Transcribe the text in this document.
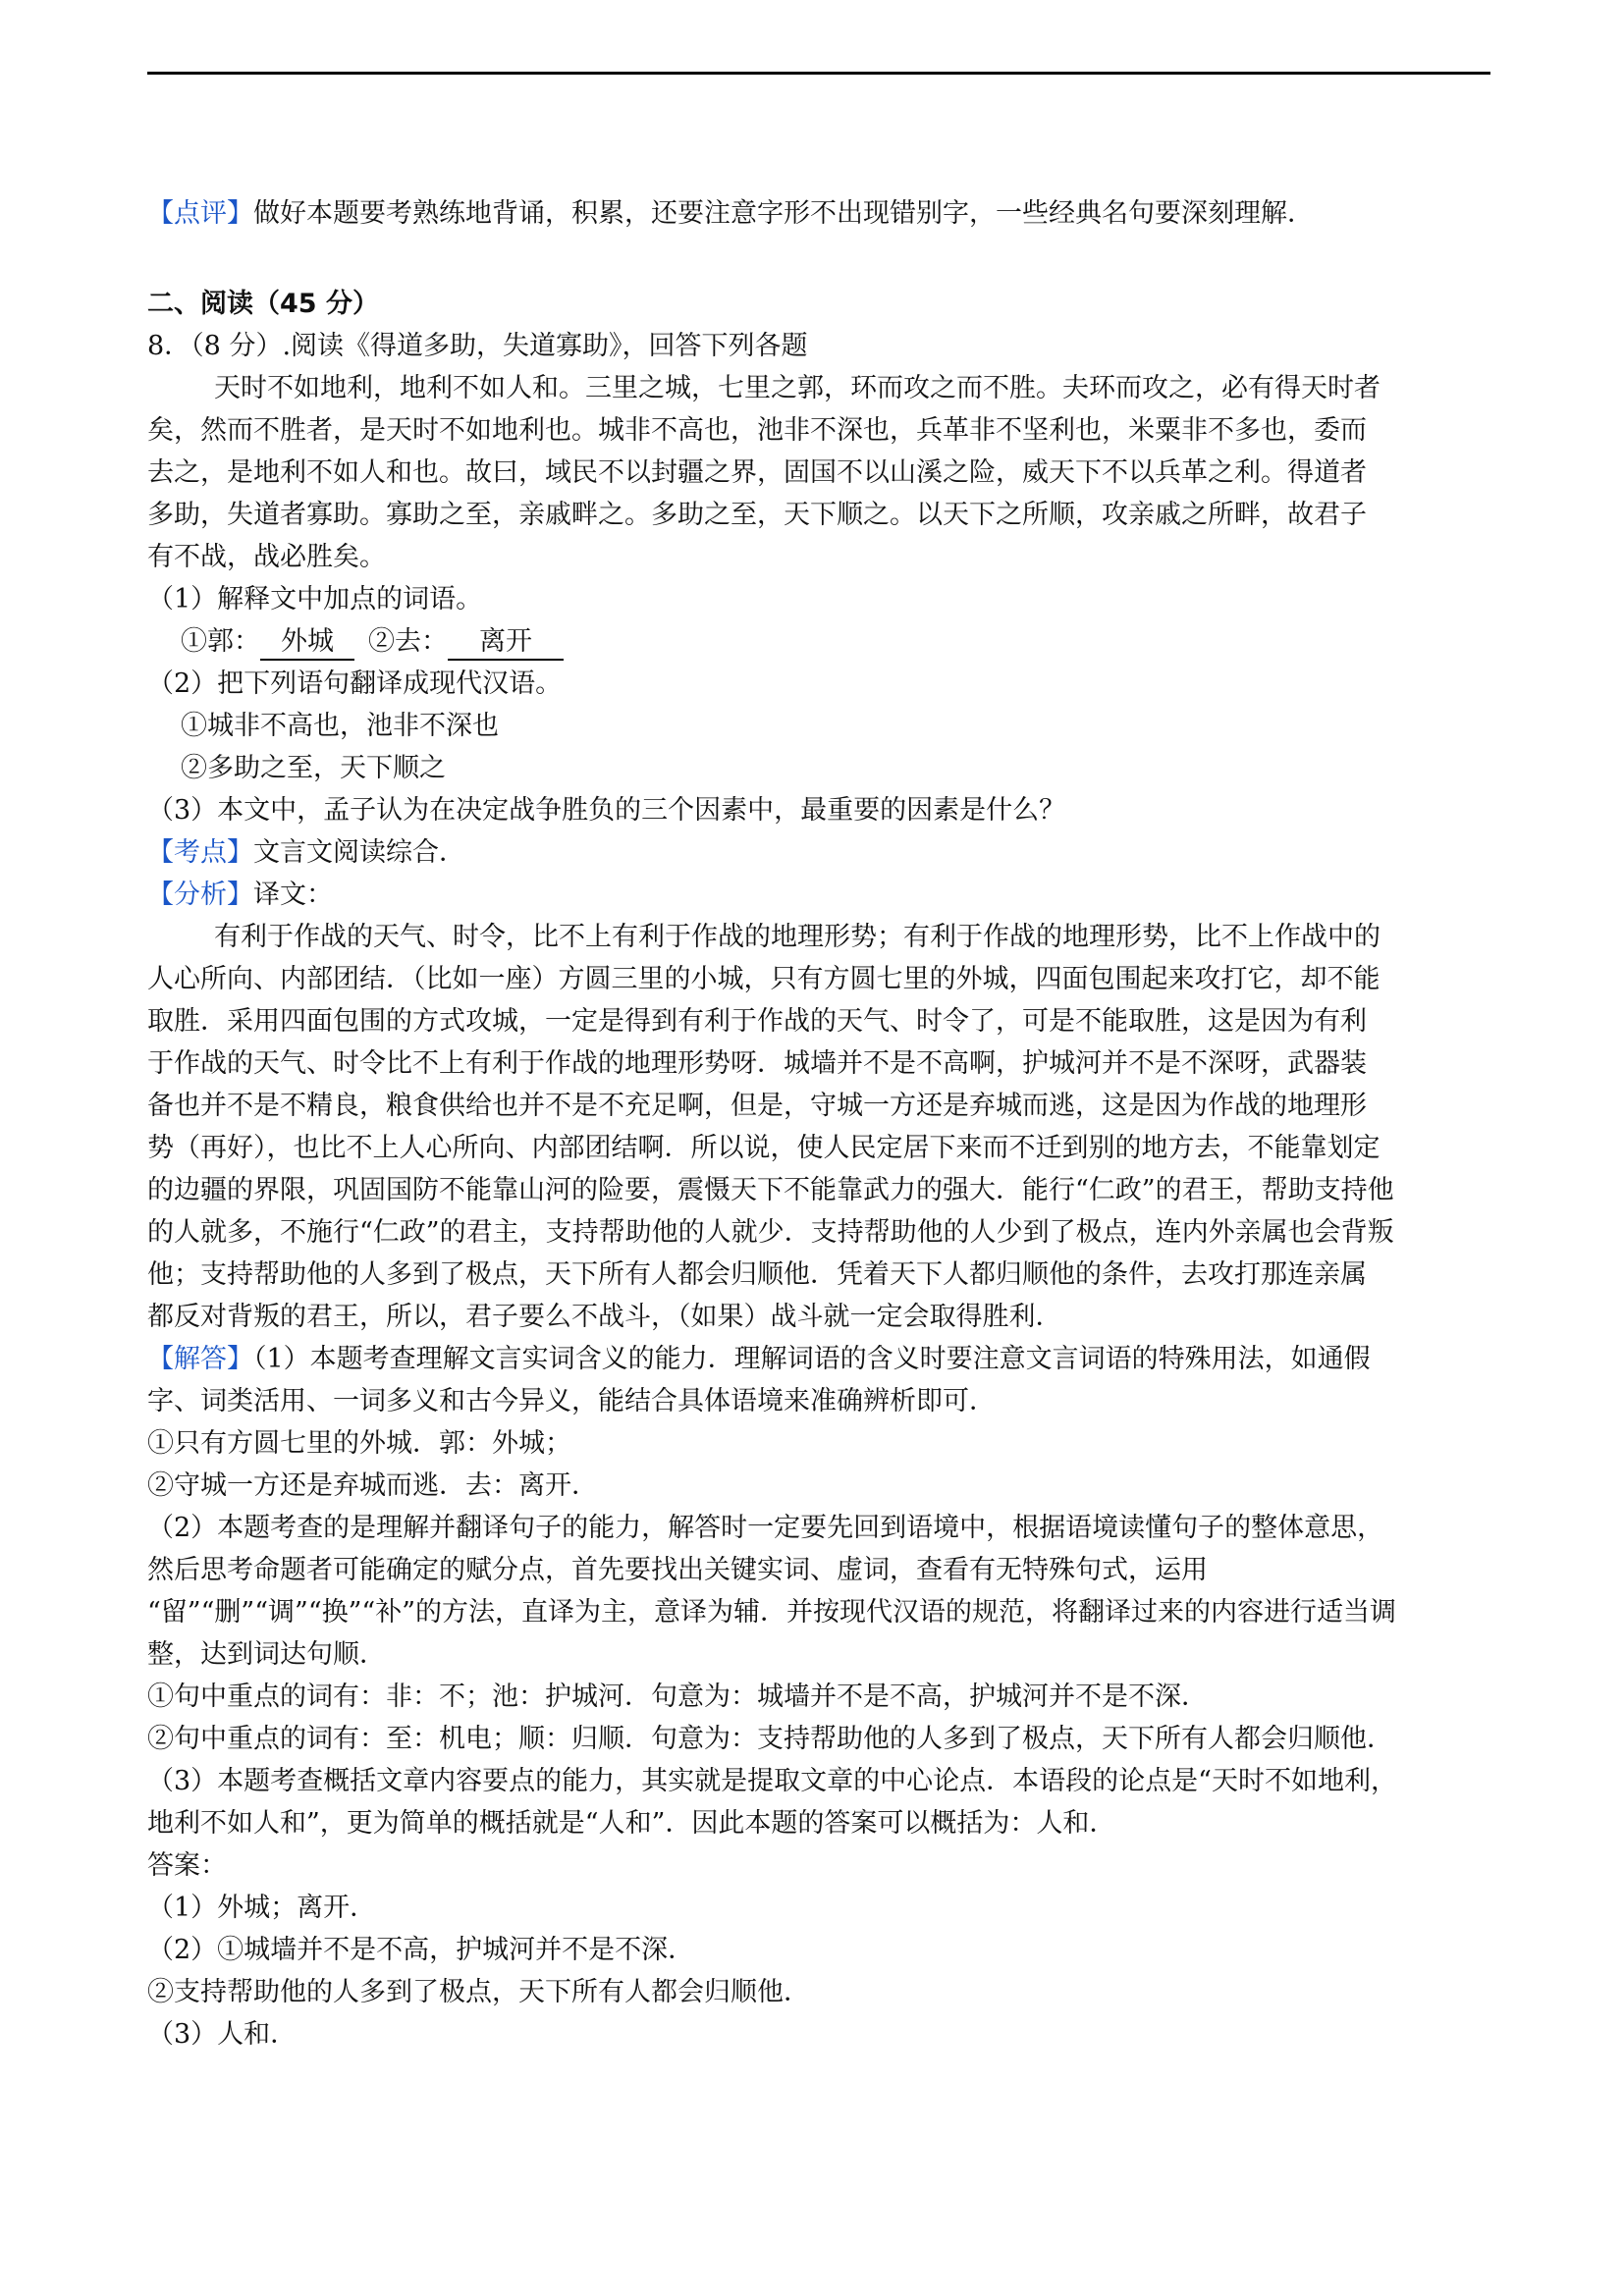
【点评】做好本题要考熟练地背诵，积累，还要注意字形不出现错别字，一些经典名句要深刻理解．
二、阅读（45 分）
8．（8 分）.阅读《得道多助，失道寡助》，回答下列各题
天时不如地利，地利不如人和。三里之城，七里之郭，环而攻之而不胜。夫环而攻之，必有得天时者
矣，然而不胜者，是天时不如地利也。城非不高也，池非不深也，兵革非不坚利也，米粟非不多也，委而
去之，是地利不如人和也。故曰，域民不以封疆之界，固国不以山溪之险，威天下不以兵革之利。得道者
多助，失道者寡助。寡助之至，亲戚畔之。多助之至，天下顺之。以天下之所顺，攻亲戚之所畔，故君子
有不战，战必胜矣。
（1）解释文中加点的词语。
①郭： 外城 ②去： 离开
（2）把下列语句翻译成现代汉语。
①城非不高也，池非不深也
②多助之至，天下顺之
（3）本文中，孟子认为在决定战争胜负的三个因素中，最重要的因素是什么？
【考点】文言文阅读综合．
【分析】译文：
有利于作战的天气、时令，比不上有利于作战的地理形势；有利于作战的地理形势，比不上作战中的
人心所向、内部团结．（比如一座）方圆三里的小城，只有方圆七里的外城，四面包围起来攻打它，却不能
取胜．采用四面包围的方式攻城，一定是得到有利于作战的天气、时令了，可是不能取胜，这是因为有利
于作战的天气、时令比不上有利于作战的地理形势呀．城墙并不是不高啊，护城河并不是不深呀，武器装
备也并不是不精良，粮食供给也并不是不充足啊，但是，守城一方还是弃城而逃，这是因为作战的地理形
势（再好），也比不上人心所向、内部团结啊．所以说，使人民定居下来而不迁到别的地方去，不能靠划定
的边疆的界限，巩固国防不能靠山河的险要，震慑天下不能靠武力的强大．能行“仁政”的君王，帮助支持他
的人就多，不施行“仁政”的君主，支持帮助他的人就少．支持帮助他的人少到了极点，连内外亲属也会背叛
他；支持帮助他的人多到了极点，天下所有人都会归顺他．凭着天下人都归顺他的条件，去攻打那连亲属
都反对背叛的君王，所以，君子要么不战斗，（如果）战斗就一定会取得胜利．
【解答】（1）本题考查理解文言实词含义的能力．理解词语的含义时要注意文言词语的特殊用法，如通假
字、词类活用、一词多义和古今异义，能结合具体语境来准确辨析即可．
①只有方圆七里的外城．郭：外城；
②守城一方还是弃城而逃．去：离开．
（2）本题考查的是理解并翻译句子的能力，解答时一定要先回到语境中，根据语境读懂句子的整体意思，
然后思考命题者可能确定的赋分点，首先要找出关键实词、虚词，查看有无特殊句式，运用
“留”“删”“调”“换”“补”的方法，直译为主，意译为辅．并按现代汉语的规范，将翻译过来的内容进行适当调
整，达到词达句顺．
①句中重点的词有：非：不；池：护城河．句意为：城墙并不是不高，护城河并不是不深．
②句中重点的词有：至：机电；顺：归顺．句意为：支持帮助他的人多到了极点，天下所有人都会归顺他．
（3）本题考查概括文章内容要点的能力，其实就是提取文章的中心论点．本语段的论点是“天时不如地利，
地利不如人和”，更为简单的概括就是“人和”．因此本题的答案可以概括为：人和．
答案：
（1）外城；离开．
（2）①城墙并不是不高，护城河并不是不深．
②支持帮助他的人多到了极点，天下所有人都会归顺他．
（3）人和．
